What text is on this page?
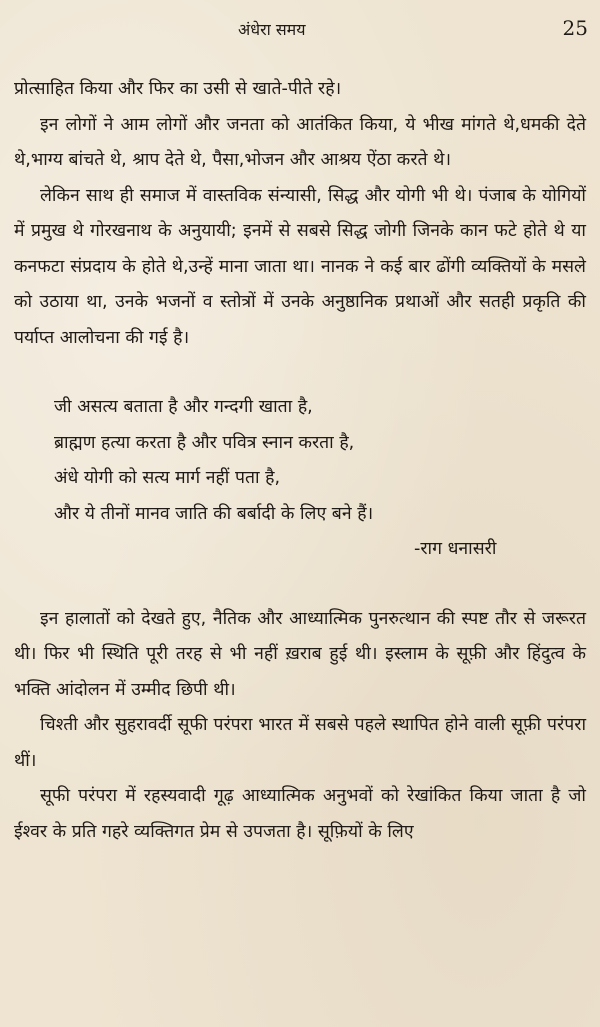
अंधेरा समय	25

प्रोत्साहित किया और फिर का उसी से खाते-पीते रहे।

इन लोगों ने आम लोगों और जनता को आतंकित किया, ये भीख मांगते थे,धमकी देते थे,भाग्य बांचते थे, श्राप देते थे, पैसा,भोजन और आश्रय ऐंठा करते थे।

लेकिन साथ ही समाज में वास्तविक संन्यासी, सिद्ध और योगी भी थे। पंजाब के योगियों में प्रमुख थे गोरखनाथ के अनुयायी; इनमें से सबसे सिद्ध जोगी जिनके कान फटे होते थे या कनफटा संप्रदाय के होते थे,उन्हें माना जाता था। नानक ने कई बार ढोंगी व्यक्तियों के मसले को उठाया था, उनके भजनों व स्तोत्रों में उनके अनुष्ठानिक प्रथाओं और सतही प्रकृति की पर्याप्त आलोचना की गई है।

जी असत्य बताता है और गन्दगी खाता है,
ब्राह्मण हत्या करता है और पवित्र स्नान करता है,
अंधे योगी को सत्य मार्ग नहीं पता है,
और ये तीनों मानव जाति की बर्बादी के लिए बने हैं।

-राग धनासरी

इन हालातों को देखते हुए, नैतिक और आध्यात्मिक पुनरुत्थान की स्पष्ट तौर से जरूरत थी। फिर भी स्थिति पूरी तरह से भी नहीं ख़राब हुई थी। इस्लाम के सूफ़ी और हिंदुत्व के भक्ति आंदोलन में उम्मीद छिपी थी।

चिश्ती और सुहरावर्दी सूफी परंपरा भारत में सबसे पहले स्थापित होने वाली सूफ़ी परंपरा थीं।

सूफी परंपरा में रहस्यवादी गूढ़ आध्यात्मिक अनुभवों को रेखांकित किया जाता है जो ईश्वर के प्रति गहरे व्यक्तिगत प्रेम से उपजता है। सूफ़ियों के लिए
